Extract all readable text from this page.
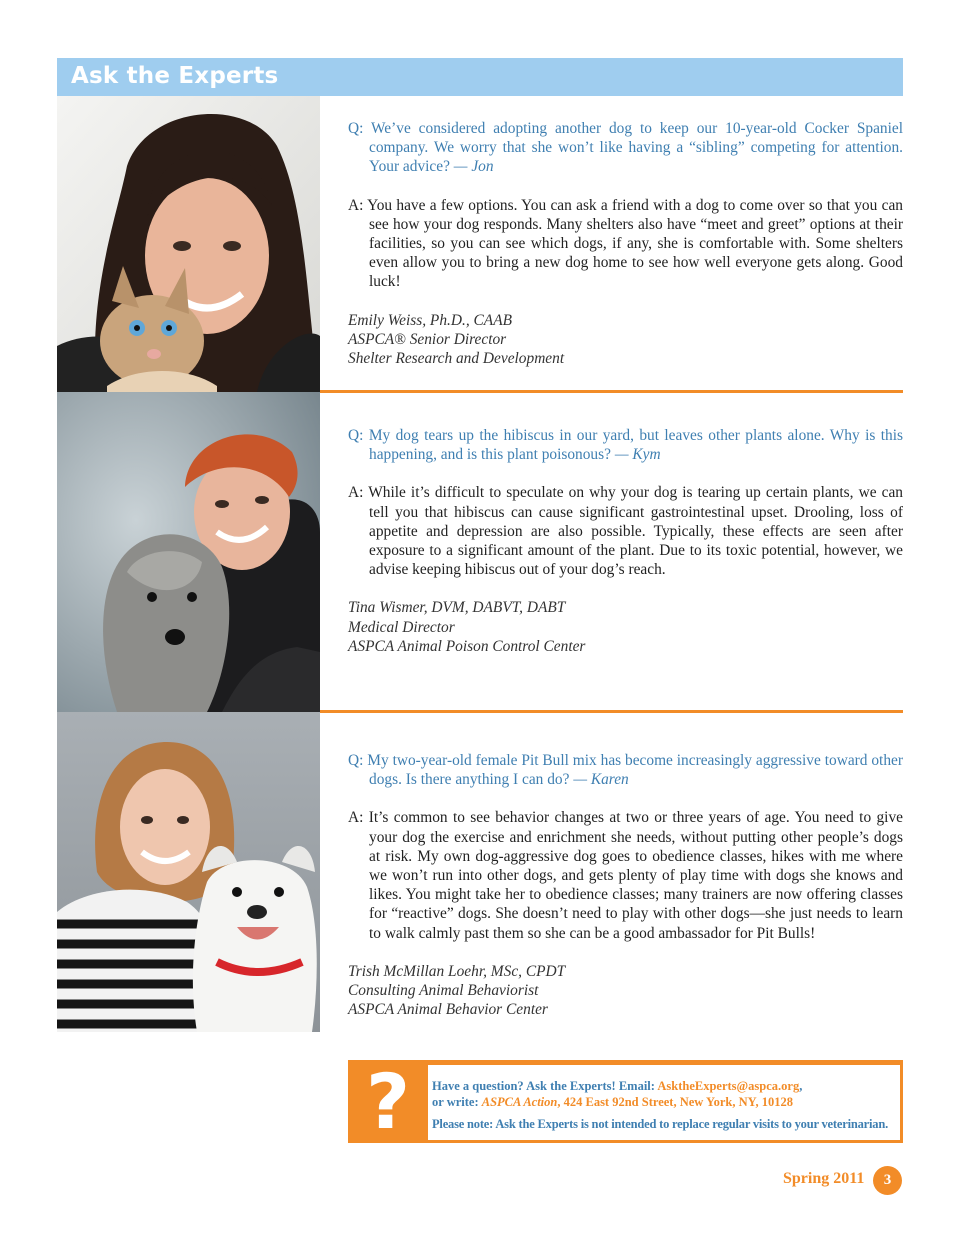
Ask the Experts

Q: We’ve considered adopting another dog to keep our 10-year-old Cocker Spaniel company. We worry that she won’t like having a “sibling” competing for attention. Your advice? — Jon

A: You have a few options. You can ask a friend with a dog to come over so that you can see how your dog responds. Many shelters also have “meet and greet” options at their facilities, so you can see which dogs, if any, she is comfortable with. Some shelters even allow you to bring a new dog home to see how well everyone gets along. Good luck!

Emily Weiss, Ph.D., CAAB
ASPCA® Senior Director
Shelter Research and Development

Q: My dog tears up the hibiscus in our yard, but leaves other plants alone. Why is this happening, and is this plant poisonous? — Kym

A: While it’s difficult to speculate on why your dog is tearing up certain plants, we can tell you that hibiscus can cause significant gastrointestinal upset. Drooling, loss of appetite and depression are also possible. Typically, these effects are seen after exposure to a significant amount of the plant. Due to its toxic potential, however, we advise keeping hibiscus out of your dog’s reach.

Tina Wismer, DVM, DABVT, DABT
Medical Director
ASPCA Animal Poison Control Center

Q: My two-year-old female Pit Bull mix has become increasingly aggressive toward other dogs. Is there anything I can do? — Karen

A: It’s common to see behavior changes at two or three years of age. You need to give your dog the exercise and enrichment she needs, without putting other people’s dogs at risk. My own dog-aggressive dog goes to obedience classes, hikes with me where we won’t run into other dogs, and gets plenty of play time with dogs she knows and likes. You might take her to obedience classes; many trainers are now offering classes for “reactive” dogs. She doesn’t need to play with other dogs—she just needs to learn to walk calmly past them so she can be a good ambassador for Pit Bulls!

Trish McMillan Loehr, MSc, CPDT
Consulting Animal Behaviorist
ASPCA Animal Behavior Center
? Have a question? Ask the Experts! Email: AsktheExperts@aspca.org,
or write: ASPCA Action, 424 East 92nd Street, New York, NY, 10128
Please note: Ask the Experts is not intended to replace regular visits to your veterinarian.
Spring 2011	3
